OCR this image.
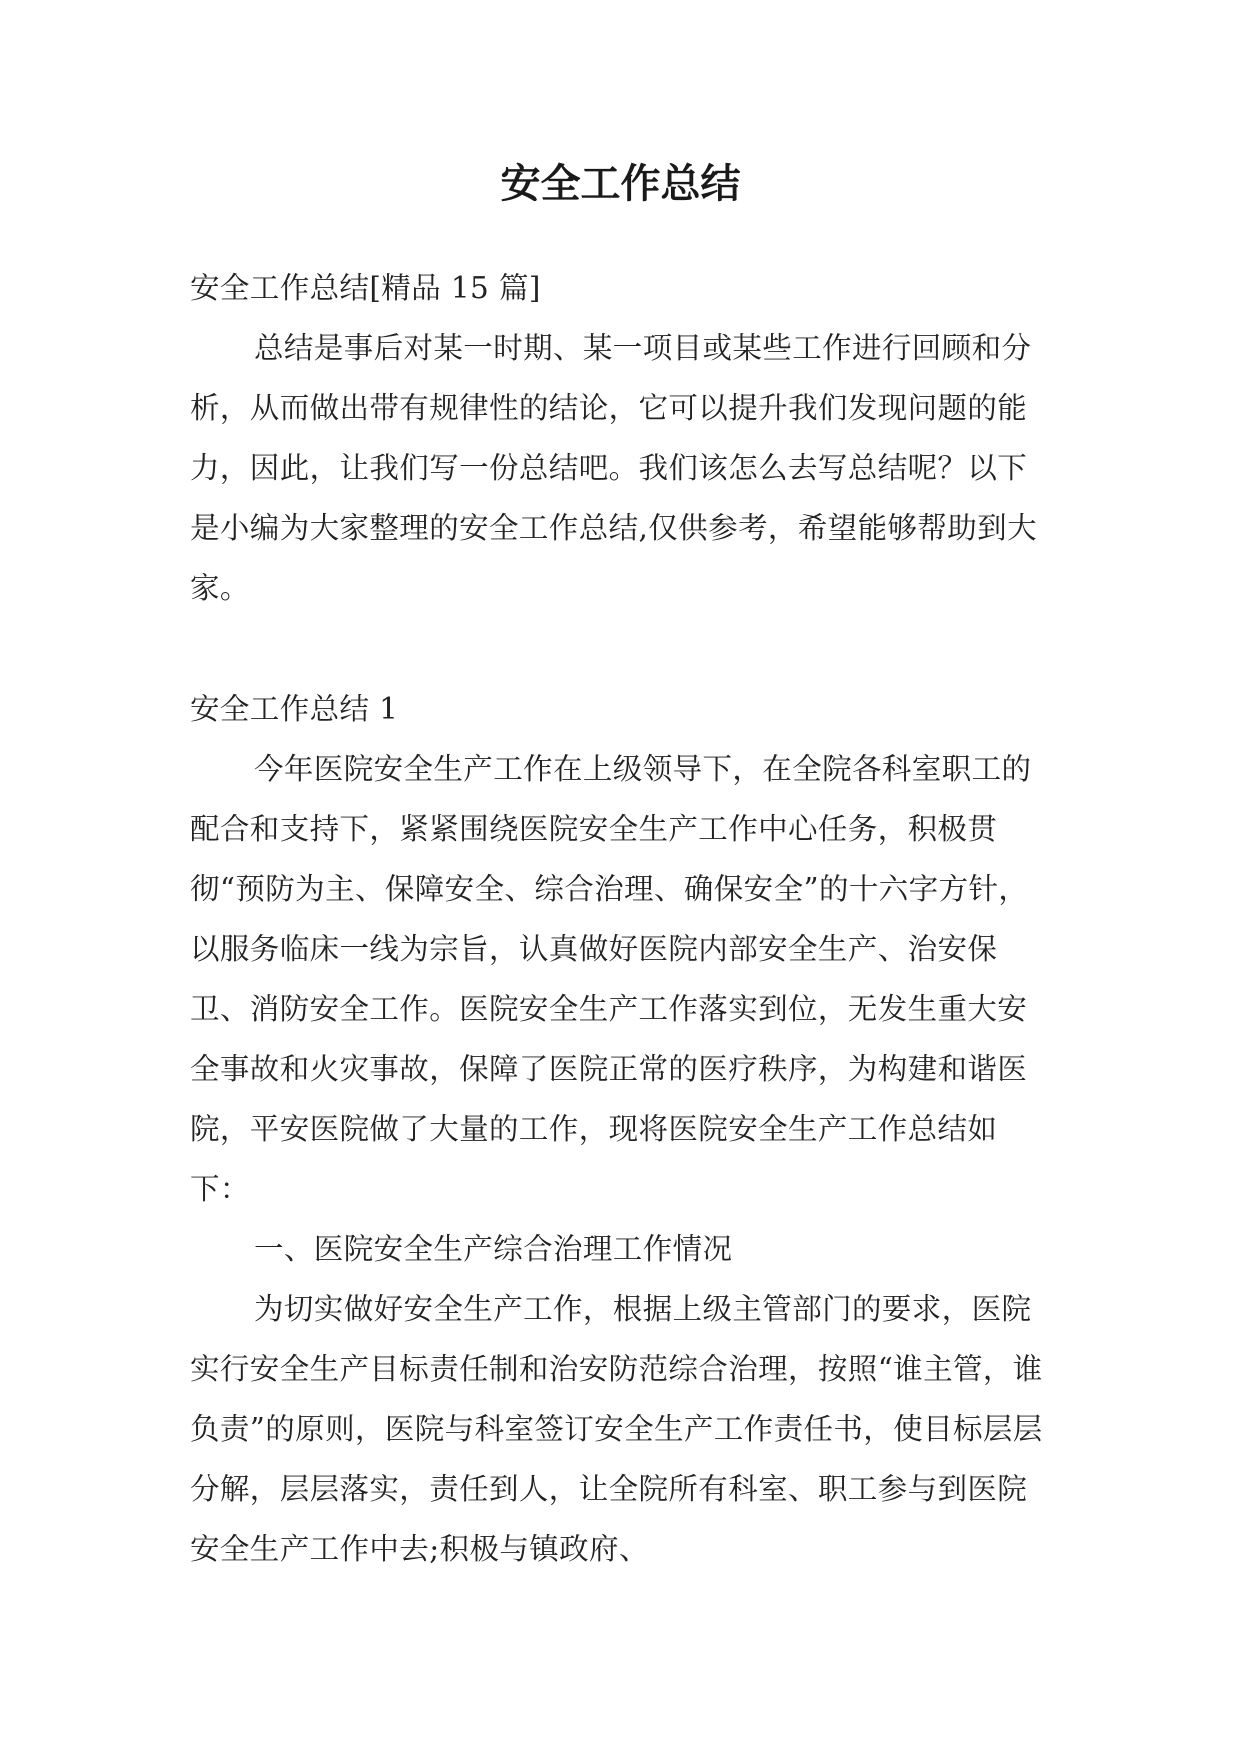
安全工作总结

安全工作总结[精品 15 篇]

总结是事后对某一时期、某一项目或某些工作进行回顾和分析，从而做出带有规律性的结论，它可以提升我们发现问题的能力，因此，让我们写一份总结吧。我们该怎么去写总结呢？以下是小编为大家整理的安全工作总结,仅供参考，希望能够帮助到大家。

安全工作总结 1

今年医院安全生产工作在上级领导下，在全院各科室职工的配合和支持下，紧紧围绕医院安全生产工作中心任务，积极贯彻“预防为主、保障安全、综合治理、确保安全”的十六字方针，以服务临床一线为宗旨，认真做好医院内部安全生产、治安保卫、消防安全工作。医院安全生产工作落实到位，无发生重大安全事故和火灾事故，保障了医院正常的医疗秩序，为构建和谐医院，平安医院做了大量的工作，现将医院安全生产工作总结如下：

一、医院安全生产综合治理工作情况

为切实做好安全生产工作，根据上级主管部门的要求，医院实行安全生产目标责任制和治安防范综合治理，按照“谁主管，谁负责”的原则，医院与科室签订安全生产工作责任书，使目标层层分解，层层落实，责任到人，让全院所有科室、职工参与到医院安全生产工作中去;积极与镇政府、
